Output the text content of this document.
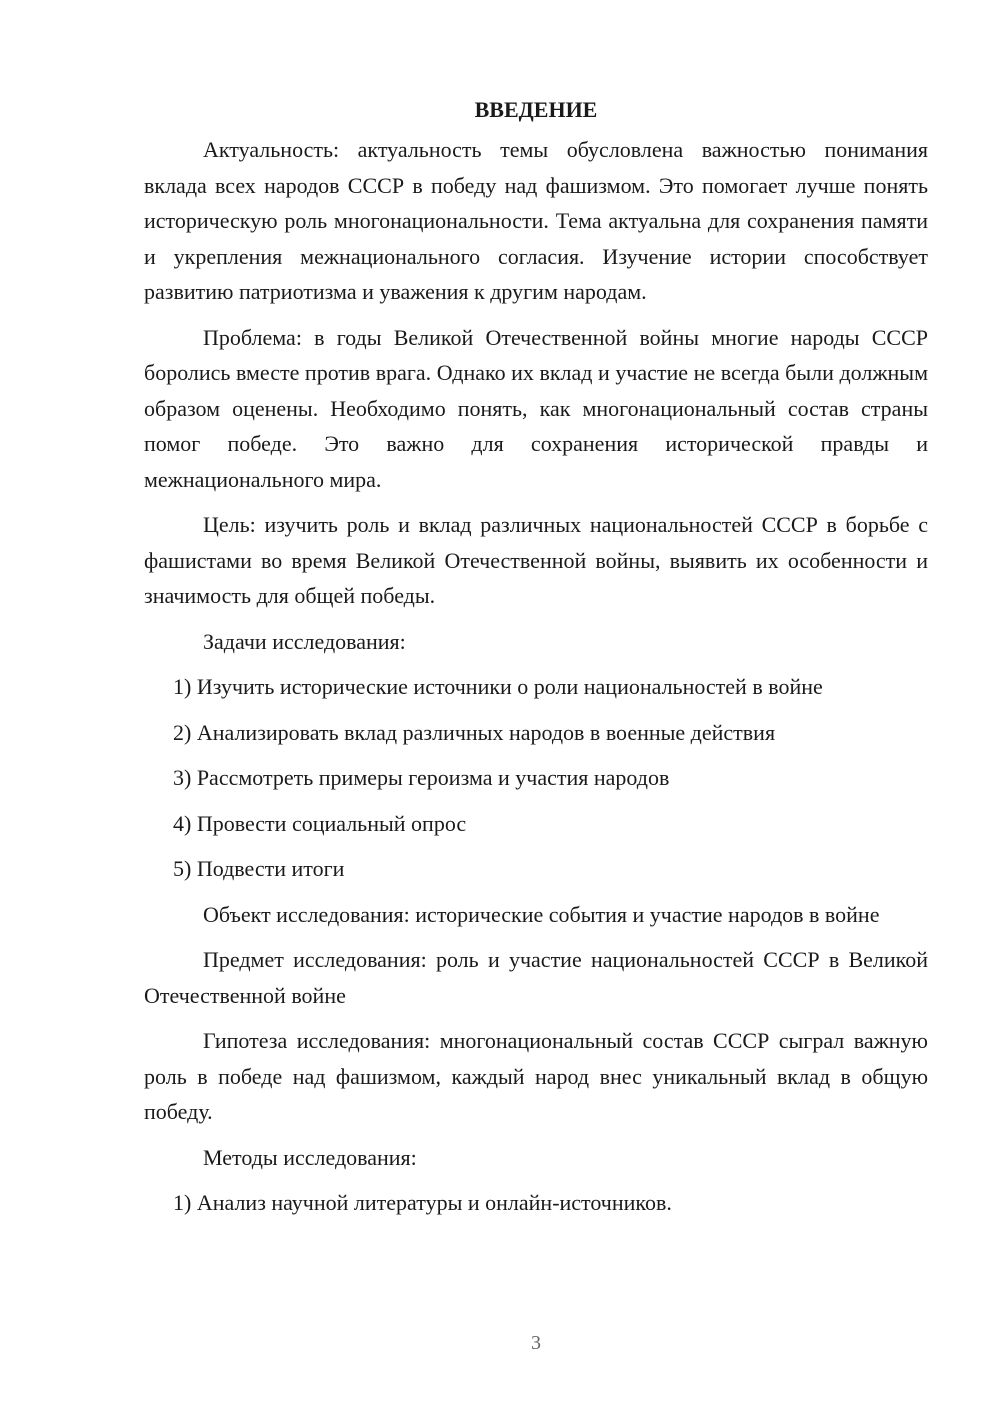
ВВЕДЕНИЕ

Актуальность: актуальность темы обусловлена важностью понимания вклада всех народов СССР в победу над фашизмом. Это помогает лучше понять историческую роль многонациональности. Тема актуальна для сохранения памяти и укрепления межнационального согласия. Изучение истории способствует развитию патриотизма и уважения к другим народам.

Проблема: в годы Великой Отечественной войны многие народы СССР боролись вместе против врага. Однако их вклад и участие не всегда были должным образом оценены. Необходимо понять, как многонациональный состав страны помог победе. Это важно для сохранения исторической правды и межнационального мира.

Цель: изучить роль и вклад различных национальностей СССР в борьбе с фашистами во время Великой Отечественной войны, выявить их особенности и значимость для общей победы.

Задачи исследования:

1) Изучить исторические источники о роли национальностей в войне

2) Анализировать вклад различных народов в военные действия

3) Рассмотреть примеры героизма и участия народов

4) Провести социальный опрос

5) Подвести итоги

Объект исследования: исторические события и участие народов в войне

Предмет исследования: роль и участие национальностей СССР в Великой Отечественной войне

Гипотеза исследования: многонациональный состав СССР сыграл важную роль в победе над фашизмом, каждый народ внес уникальный вклад в общую победу.

Методы исследования:

1) Анализ научной литературы и онлайн-источников.

3
